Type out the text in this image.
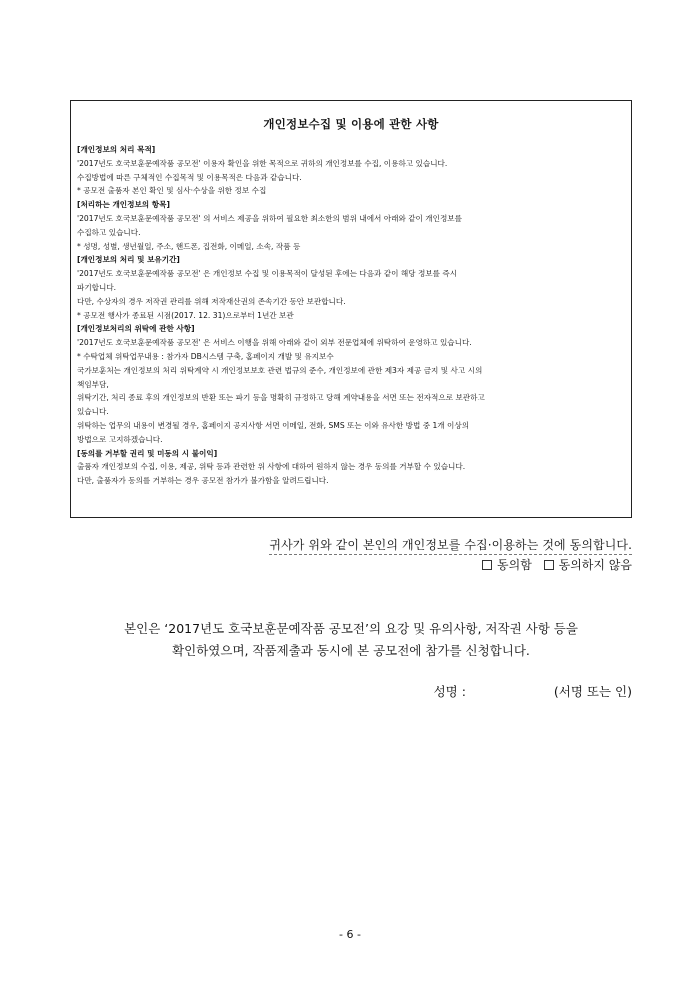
개인정보수집 및 이용에 관한 사항
[개인정보의 처리 목적]
'2017년도 호국보훈문예작품 공모전' 이용자 확인을 위한 목적으로 귀하의 개인정보를 수집, 이용하고 있습니다.
수집방법에 따른 구체적인 수집목적 및 이용목적은 다음과 같습니다.
* 공모전 출품자 본인 확인 및 심사·수상을 위한 정보 수집
[처리하는 개인정보의 항목]
'2017년도 호국보훈문예작품 공모전' 의 서비스 제공을 위하여 필요한 최소한의 범위 내에서 아래와 같이 개인정보를
수집하고 있습니다.
* 성명, 성별, 생년월일, 주소, 핸드폰, 집전화, 이메일, 소속, 작품 등
[개인정보의 처리 및 보유기간]
'2017년도 호국보훈문예작품 공모전' 은 개인정보 수집 및 이용목적이 달성된 후에는 다음과 같이 해당 정보를 즉시
파기합니다.
다만, 수상자의 경우 저작권 관리를 위해 저작재산권의 존속기간 동안 보관합니다.
* 공모전 행사가 종료된 시점(2017. 12. 31)으로부터 1년간 보관
[개인정보처리의 위탁에 관한 사항]
'2017년도 호국보훈문예작품 공모전' 은 서비스 이행을 위해 아래와 같이 외부 전문업체에 위탁하여 운영하고 있습니다.
* 수탁업체 위탁업무내용 : 참가자 DB시스템 구축, 홈페이지 개발 및 유지보수
국가보훈처는 개인정보의 처리 위탁계약 시 개인정보보호 관련 법규의 준수, 개인정보에 관한 제3자 제공 금지 및 사고 시의
책임부담,
위탁기간, 처리 종료 후의 개인정보의 반환 또는 파기 등을 명확히 규정하고 당해 계약내용을 서면 또는 전자적으로 보관하고
있습니다.
위탁하는 업무의 내용이 변경될 경우, 홈페이지 공지사항 서면 이메일, 전화, SMS 또는 이와 유사한 방법 중 1개 이상의
방법으로 고지하겠습니다.
[동의를 거부할 권리 및 미동의 시 불이익]
출품자 개인정보의 수집, 이용, 제공, 위탁 등과 관련한 위 사항에 대하여 원하지 않는 경우 동의를 거부할 수 있습니다.
다만, 출품자가 동의를 거부하는 경우 공모전 참가가 불가함을 알려드립니다.
귀사가 위와 같이 본인의 개인정보를 수집·이용하는 것에 동의합니다.
동의함 동의하지 않음
본인은 ‘2017년도 호국보훈문예작품 공모전’의 요강 및 유의사항, 저작권 사항 등을
확인하였으며, 작품제출과 동시에 본 공모전에 참가를 신청합니다.
성명 :	(서명 또는 인)
- 6 -
